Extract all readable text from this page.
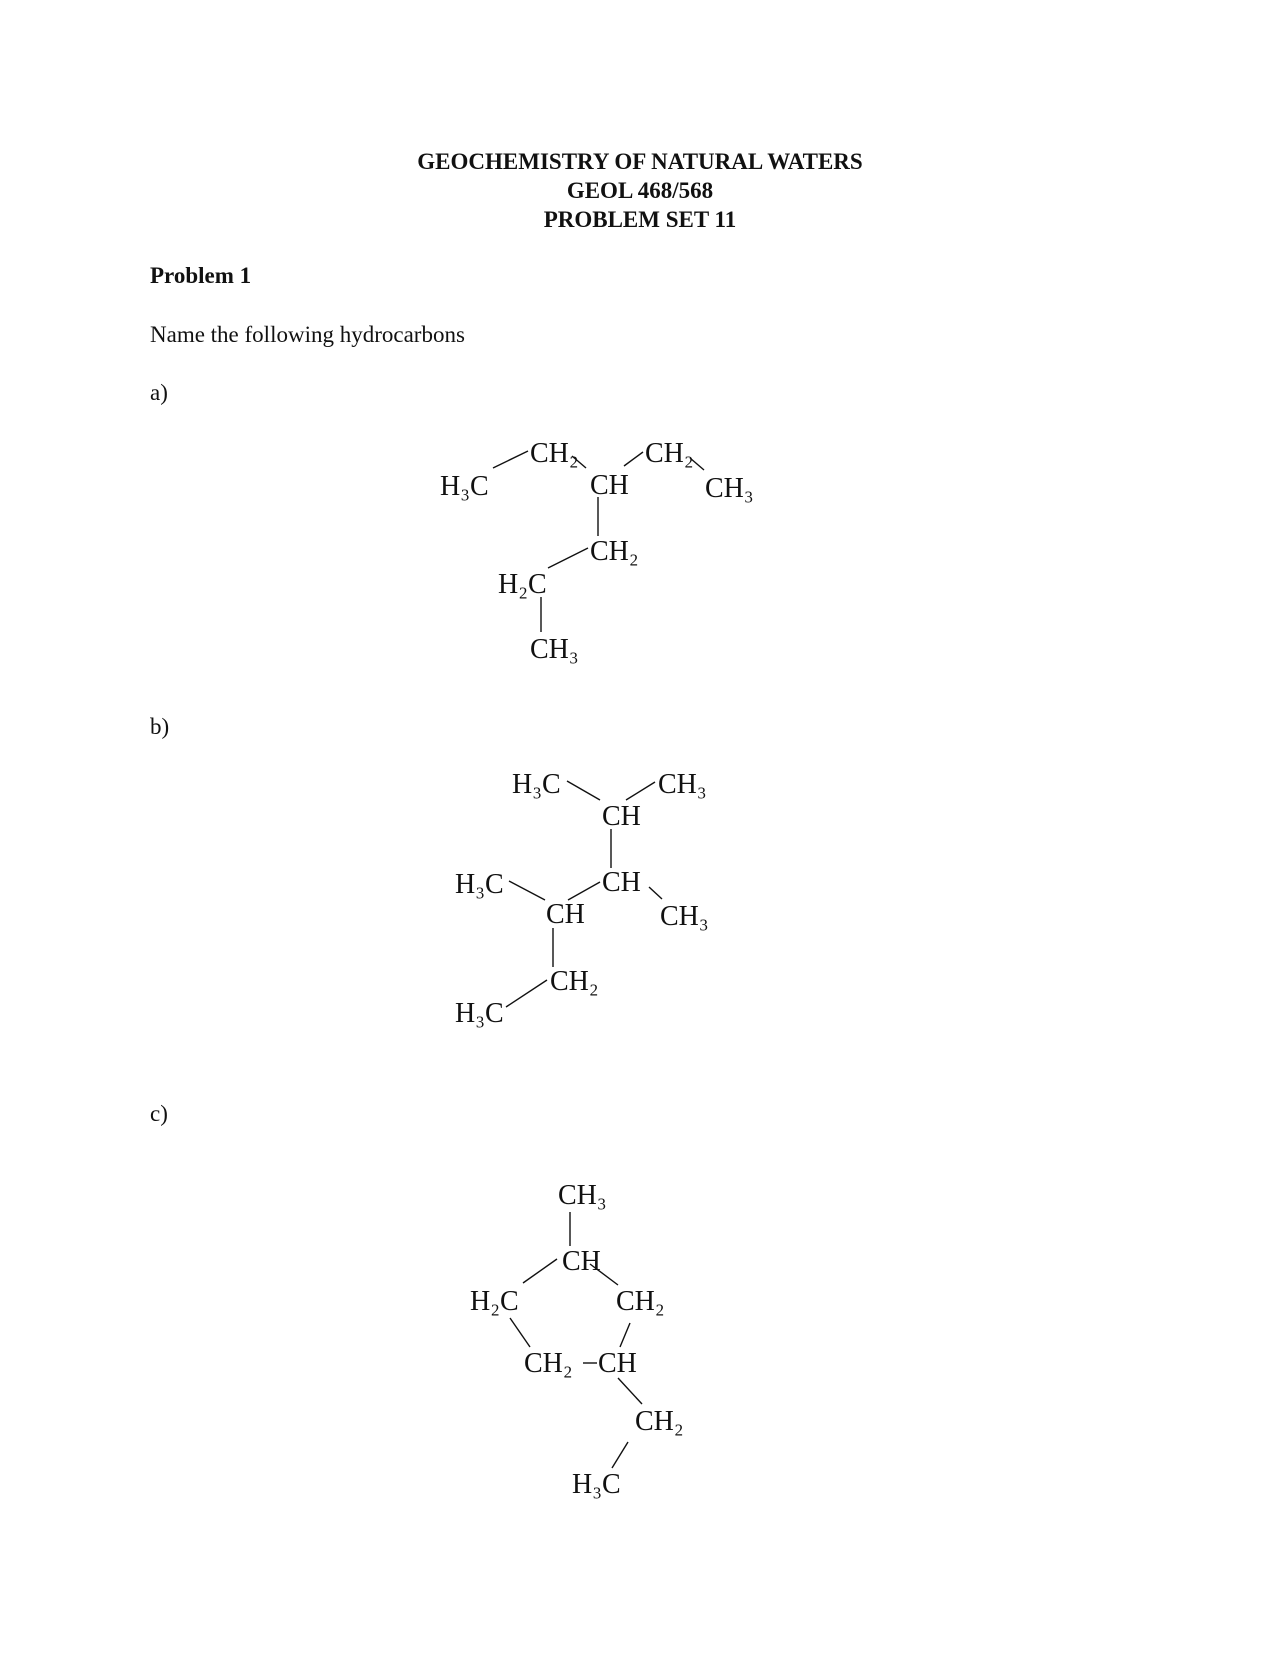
GEOCHEMISTRY OF NATURAL WATERS
GEOL 468/568
PROBLEM SET 11
Problem 1
Name the following hydrocarbons
a)
b)
c)
H₃C
CH₂
CH
CH₂
CH₃
CH₂
H₂C
CH₃
H₃C	CH₃
CH
H₃C
CH
CH
CH₃
CH₂
H₃C
CH₃
CH
H₂C	CH₂
CH₂ CH
CH₂
H₃C
